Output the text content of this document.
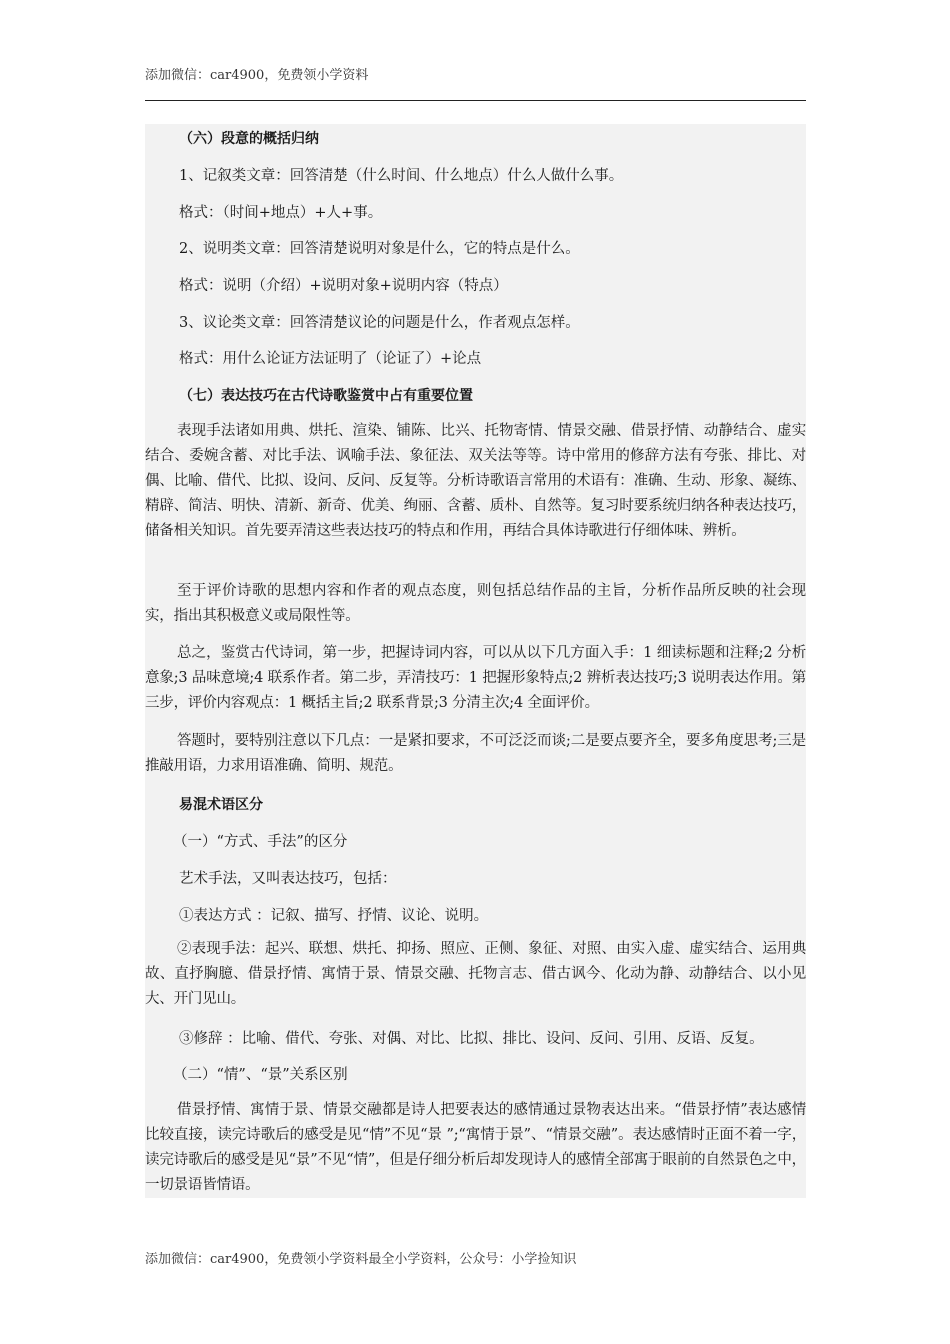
添加微信：car4900，免费领小学资料

（六）段意的概括归纳

1、记叙类文章：回答清楚（什么时间、什么地点）什么人做什么事。

格式：（时间+地点）+人+事。

2、说明类文章：回答清楚说明对象是什么，它的特点是什么。

格式：说明（介绍）+说明对象+说明内容（特点）

3、议论类文章：回答清楚议论的问题是什么，作者观点怎样。

格式：用什么论证方法证明了（论证了）+论点

（七）表达技巧在古代诗歌鉴赏中占有重要位置

表现手法诸如用典、烘托、渲染、铺陈、比兴、托物寄情、情景交融、借景抒情、动静结合、虚实结合、委婉含蓄、对比手法、讽喻手法、象征法、双关法等等。诗中常用的修辞方法有夸张、排比、对偶、比喻、借代、比拟、设问、反问、反复等。分析诗歌语言常用的术语有：准确、生动、形象、凝练、精辟、简洁、明快、清新、新奇、优美、绚丽、含蓄、质朴、自然等。复习时要系统归纳各种表达技巧，储备相关知识。首先要弄清这些表达技巧的特点和作用，再结合具体诗歌进行仔细体味、辨析。

至于评价诗歌的思想内容和作者的观点态度，则包括总结作品的主旨，分析作品所反映的社会现实，指出其积极意义或局限性等。

总之，鉴赏古代诗词，第一步，把握诗词内容，可以从以下几方面入手：1 细读标题和注释;2 分析意象;3 品味意境;4 联系作者。第二步，弄清技巧：1 把握形象特点;2 辨析表达技巧;3 说明表达作用。第三步，评价内容观点：1 概括主旨;2 联系背景;3 分清主次;4 全面评价。

答题时，要特别注意以下几点：一是紧扣要求，不可泛泛而谈;二是要点要齐全，要多角度思考;三是推敲用语，力求用语准确、简明、规范。

易混术语区分

（一）“方式、手法”的区分

艺术手法，又叫表达技巧，包括：

①表达方式 ：记叙、描写、抒情、议论、说明。

②表现手法：起兴、联想、烘托、抑扬、照应、正侧、象征、对照、由实入虚、虚实结合、运用典故、直抒胸臆、借景抒情、寓情于景、情景交融、托物言志、借古讽今、化动为静、动静结合、以小见大、开门见山。

③修辞 ：比喻、借代、夸张、对偶、对比、比拟、排比、设问、反问、引用、反语、反复。

（二）“情”、“景”关系区别

借景抒情、寓情于景、情景交融都是诗人把要表达的感情通过景物表达出来。“借景抒情”表达感情比较直接，读完诗歌后的感受是见“情”不见“景 ”;“寓情于景”、“情景交融”。表达感情时正面不着一字，读完诗歌后的感受是见“景”不见“情”，但是仔细分析后却发现诗人的感情全部寓于眼前的自然景色之中，一切景语皆情语。

添加微信：car4900，免费领小学资料最全小学资料，公众号：小学捡知识
